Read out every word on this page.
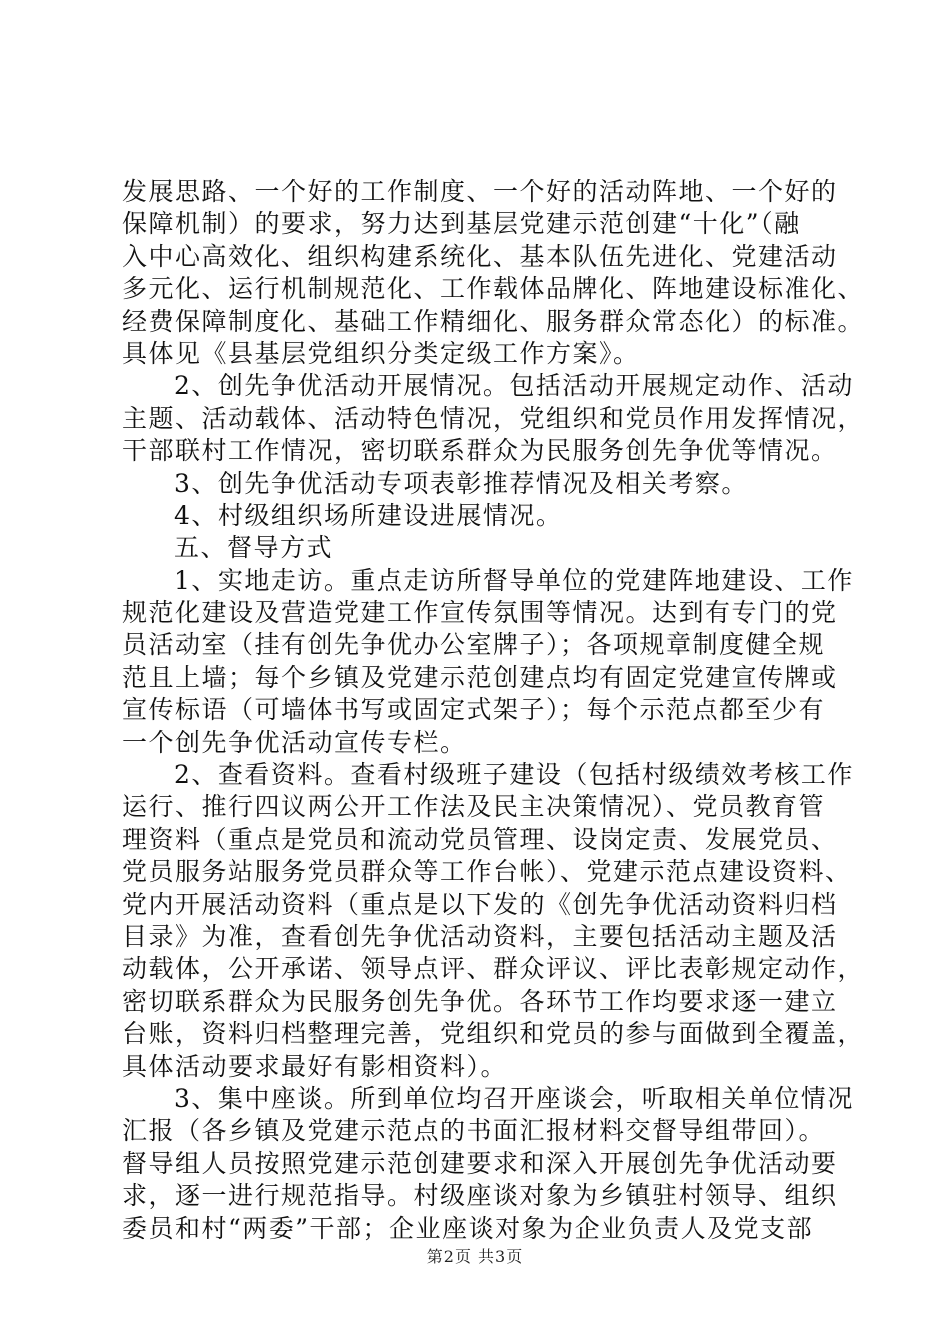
发展思路、一个好的工作制度、一个好的活动阵地、一个好的
保障机制）的要求，努力达到基层党建示范创建“十化”（融
入中心高效化、组织构建系统化、基本队伍先进化、党建活动
多元化、运行机制规范化、工作载体品牌化、阵地建设标准化、
经费保障制度化、基础工作精细化、服务群众常态化）的标准。
具体见《县基层党组织分类定级工作方案》。
2、创先争优活动开展情况。包括活动开展规定动作、活动
主题、活动载体、活动特色情况，党组织和党员作用发挥情况，
干部联村工作情况，密切联系群众为民服务创先争优等情况。
3、创先争优活动专项表彰推荐情况及相关考察。
4、村级组织场所建设进展情况。
五、督导方式
1、实地走访。重点走访所督导单位的党建阵地建设、工作
规范化建设及营造党建工作宣传氛围等情况。达到有专门的党
员活动室（挂有创先争优办公室牌子）；各项规章制度健全规
范且上墙；每个乡镇及党建示范创建点均有固定党建宣传牌或
宣传标语（可墙体书写或固定式架子）；每个示范点都至少有
一个创先争优活动宣传专栏。
2、查看资料。查看村级班子建设（包括村级绩效考核工作
运行、推行四议两公开工作法及民主决策情况）、党员教育管
理资料（重点是党员和流动党员管理、设岗定责、发展党员、
党员服务站服务党员群众等工作台帐）、党建示范点建设资料、
党内开展活动资料（重点是以下发的《创先争优活动资料归档
目录》为准，查看创先争优活动资料，主要包括活动主题及活
动载体，公开承诺、领导点评、群众评议、评比表彰规定动作，
密切联系群众为民服务创先争优。各环节工作均要求逐一建立
台账，资料归档整理完善，党组织和党员的参与面做到全覆盖，
具体活动要求最好有影相资料）。
3、集中座谈。所到单位均召开座谈会，听取相关单位情况
汇报（各乡镇及党建示范点的书面汇报材料交督导组带回）。
督导组人员按照党建示范创建要求和深入开展创先争优活动要
求，逐一进行规范指导。村级座谈对象为乡镇驻村领导、组织
委员和村“两委”干部；企业座谈对象为企业负责人及党支部
第2页 共3页
